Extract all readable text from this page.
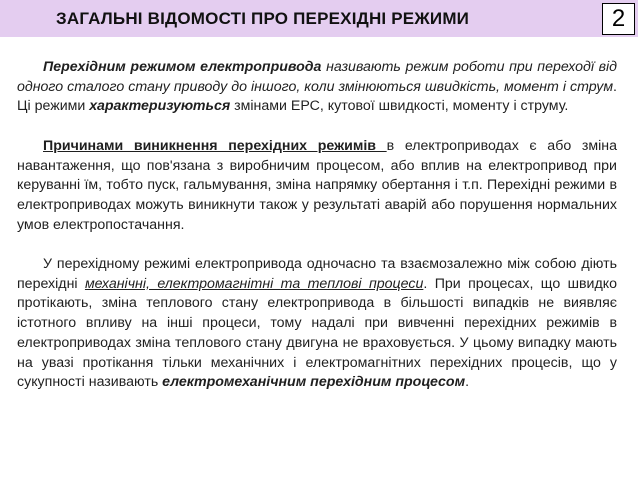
ЗАГАЛЬНІ ВІДОМОСТІ ПРО ПЕРЕХІДНІ РЕЖИМИ	2

Перехідним режимом електропривода називають режим роботи при переходї від одного сталого стану приводу до іншого, коли змінюються швидкість, момент і струм. Ці режими характеризуються змінами ЕРС, кутової швидкості, моменту і струму.

Причинами виникнення перехідних режимів в електроприводах є або зміна навантаження, що пов'язана з виробничим процесом, або вплив на електропривод при керуванні їм, тобто пуск, гальмування, зміна напрямку обертання і т.п. Перехідні режими в електроприводах можуть виникнути також у результаті аварій або порушення нормальних умов електропостачання.

У перехідному режимі електропривода одночасно та взаємозалежно між собою діють перехідні механічні, електромагнітні та теплові процеси. При процесах, що швидко протікають, зміна теплового стану електропривода в більшості випадків не виявляє істотного впливу на інші процеси, тому надалі при вивченні перехідних режимів в електроприводах зміна теплового стану двигуна не враховується. У цьому випадку мають на увазі протікання тільки механічних і електромагнітних перехідних процесів, що у сукупності називають електромеханічним перехідним процесом.
